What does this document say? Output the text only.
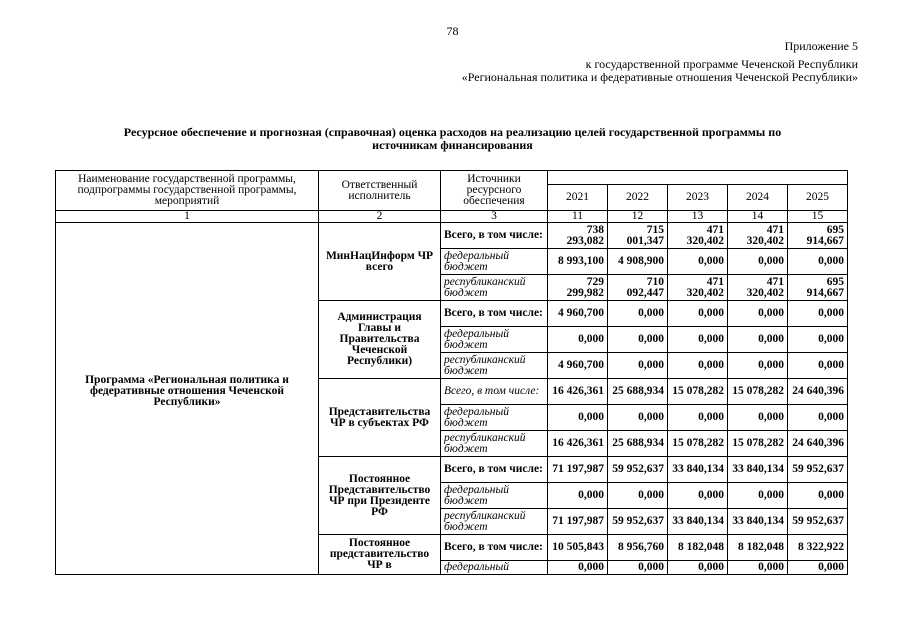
78
Приложение 5
к государственной программе Чеченской Республики
«Региональная политика и федеративные отношения Чеченской Республики»
Ресурсное обеспечение и прогнозная (справочная) оценка расходов на реализацию целей государственной программы по источникам финансирования
Наименование государственной программы, подпрограммы государственной программы, мероприятий	Ответственный исполнитель	Источники ресурсного обеспечения					
			2021	2022	2023	2024	2025
1	2	3	11	12	13	14	15
Программа «Региональная политика и федеративные отношения Чеченской Республики»	МинНацИнформ ЧР всего	Всего, в том числе:	738 293,082	715 001,347	471 320,402	471 320,402	695 914,667
		федеральный бюджет	8 993,100	4 908,900	0,000	0,000	0,000
		республиканский бюджет	729 299,982	710 092,447	471 320,402	471 320,402	695 914,667
	Администрация Главы и Правительства Чеченской Республики)	Всего, в том числе:	4 960,700	0,000	0,000	0,000	0,000
		федеральный бюджет	0,000	0,000	0,000	0,000	0,000
		республиканский бюджет	4 960,700	0,000	0,000	0,000	0,000
	Представительства ЧР в субъектах РФ	Всего, в том числе:	16 426,361	25 688,934	15 078,282	15 078,282	24 640,396
		федеральный бюджет	0,000	0,000	0,000	0,000	0,000
		республиканский бюджет	16 426,361	25 688,934	15 078,282	15 078,282	24 640,396
	Постоянное Представительство ЧР при Президенте РФ	Всего, в том числе:	71 197,987	59 952,637	33 840,134	33 840,134	59 952,637
		федеральный бюджет	0,000	0,000	0,000	0,000	0,000
		республиканский бюджет	71 197,987	59 952,637	33 840,134	33 840,134	59 952,637
	Постоянное представительство ЧР в	Всего, в том числе:	10 505,843	8 956,760	8 182,048	8 182,048	8 322,922
		федеральный	0,000	0,000	0,000	0,000	0,000
